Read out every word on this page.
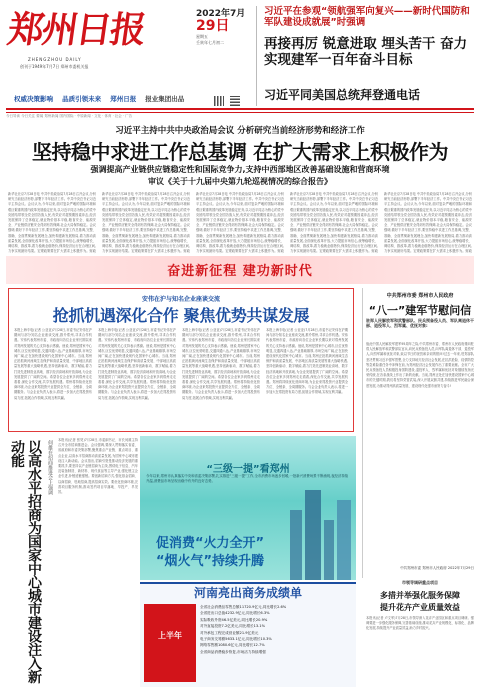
郑州日报
ZHENGZHOU DAILY
创刊于1949年7月7日 郑州市委机关报
2022年7月
29日
星期五
壬寅年七月初二
习近平在参观“领航强军向复兴——新时代国防和军队建设成就展”时强调
再接再厉 锐意进取 埋头苦干 奋力实现建军一百年奋斗目标
习近平同美国总统拜登通电话
权威决策影响 品质引领未来 郑州日报 报业集团出品
今日导读 今日关注 要闻 郑州新闻 国内国际 · 中原新闻 · 文化 · 体育 · 社会 · 广告
习近平主持中共中央政治局会议 分析研究当前经济形势和经济工作
坚持稳中求进工作总基调 在扩大需求上积极作为
强调提高产业链供应链稳定性和国际竞争力,支持中西部地区改善基础设施和营商环境
审议《关于十九届中央第九轮巡视情况的综合报告》
新华社北京7月28日电 中共中央政治局7月28日召开会议,分析研究当前经济形势,部署下半年经济工作。中共中央总书记习近平主持会议。会议认为,今年以来,面对复杂严峻的国际环境和艰巨繁重的国内改革发展稳定任务,以习近平同志为核心的党中央团结带领全党全国各族人民,有效应对超预期因素冲击,经济发展保持了总体稳定,就业物价基本平稳,粮食安全、能源安全、产业链供应链安全得到有效保障,社会大局保持稳定。会议强调,做好下半年经济工作,要坚持稳中求进工作总基调,完整、准确、全面贯彻新发展理念,加快构建新发展格局,着力推动高质量发展,全面深化改革开放,大力提振市场信心,统筹稳增长、调结构、推改革,着力稳就业稳物价,保持经济运行在合理区间,力争实现最好结果。宏观政策要在扩大需求上积极作为。财政
新华社北京7月28日电 中共中央政治局7月28日召开会议,分析研究当前经济形势,部署下半年经济工作。中共中央总书记习近平主持会议。会议认为,今年以来,面对复杂严峻的国际环境和艰巨繁重的国内改革发展稳定任务,以习近平同志为核心的党中央团结带领全党全国各族人民,有效应对超预期因素冲击,经济发展保持了总体稳定,就业物价基本平稳,粮食安全、能源安全、产业链供应链安全得到有效保障,社会大局保持稳定。会议强调,做好下半年经济工作,要坚持稳中求进工作总基调,完整、准确、全面贯彻新发展理念,加快构建新发展格局,着力推动高质量发展,全面深化改革开放,大力提振市场信心,统筹稳增长、调结构、推改革,着力稳就业稳物价,保持经济运行在合理区间,力争实现最好结果。宏观政策要在扩大需求上积极作为。财政
新华社北京7月28日电 中共中央政治局7月28日召开会议,分析研究当前经济形势,部署下半年经济工作。中共中央总书记习近平主持会议。会议认为,今年以来,面对复杂严峻的国际环境和艰巨繁重的国内改革发展稳定任务,以习近平同志为核心的党中央团结带领全党全国各族人民,有效应对超预期因素冲击,经济发展保持了总体稳定,就业物价基本平稳,粮食安全、能源安全、产业链供应链安全得到有效保障,社会大局保持稳定。会议强调,做好下半年经济工作,要坚持稳中求进工作总基调,完整、准确、全面贯彻新发展理念,加快构建新发展格局,着力推动高质量发展,全面深化改革开放,大力提振市场信心,统筹稳增长、调结构、推改革,着力稳就业稳物价,保持经济运行在合理区间,力争实现最好结果。宏观政策要在扩大需求上积极作为。财政
新华社北京7月28日电 中共中央政治局7月28日召开会议,分析研究当前经济形势,部署下半年经济工作。中共中央总书记习近平主持会议。会议认为,今年以来,面对复杂严峻的国际环境和艰巨繁重的国内改革发展稳定任务,以习近平同志为核心的党中央团结带领全党全国各族人民,有效应对超预期因素冲击,经济发展保持了总体稳定,就业物价基本平稳,粮食安全、能源安全、产业链供应链安全得到有效保障,社会大局保持稳定。会议强调,做好下半年经济工作,要坚持稳中求进工作总基调,完整、准确、全面贯彻新发展理念,加快构建新发展格局,着力推动高质量发展,全面深化改革开放,大力提振市场信心,统筹稳增长、调结构、推改革,着力稳就业稳物价,保持经济运行在合理区间,力争实现最好结果。宏观政策要在扩大需求上积极作为。财政
新华社北京7月28日电 中共中央政治局7月28日召开会议,分析研究当前经济形势,部署下半年经济工作。中共中央总书记习近平主持会议。会议认为,今年以来,面对复杂严峻的国际环境和艰巨繁重的国内改革发展稳定任务,以习近平同志为核心的党中央团结带领全党全国各族人民,有效应对超预期因素冲击,经济发展保持了总体稳定,就业物价基本平稳,粮食安全、能源安全、产业链供应链安全得到有效保障,社会大局保持稳定。会议强调,做好下半年经济工作,要坚持稳中求进工作总基调,完整、准确、全面贯彻新发展理念,加快构建新发展格局,着力推动高质量发展,全面深化改革开放,大力提振市场信心,统筹稳增长、调结构、推改革,着力稳就业稳物价,保持经济运行在合理区间,力争实现最好结果。宏观政策要在扩大需求上积极作为。财政
奋进新征程 建功新时代
安伟在沪与知名企业座谈交流
抢抓机遇深化合作 聚焦优势共谋发展
本报上海专电(记者 公亚亚)7月28日,市委书记安伟在沪期间与部分知名企业座谈交流,推介郑州,寻求合作机遇。安伟代表郑州市委、市政府向各位企业家长期以来对郑州发展的关心支持表示感谢。他说,郑州是国家中心城市,区位优势明显,交通四通八达,产业基础雄厚,市场空间广阔,正在加快建设现代化国家中心城市。当前,郑州正抢抓黄河流域生态保护和高质量发展、中部地区高质量发展等重大战略机遇,坚持创新驱动、数字赋能,着力打造先进制造业高地、数字经济高地和开放高地,为企业发展提供了广阔的空间。希望各位企业家多到郑州走走看看,深化合作交流,共享发展机遇。郑州将持续优化营商环境,为企业来郑投资兴业提供全方位、全链条、全周期服务。与会企业负责人表示,将进一步加大在郑投资布局力度,拓展合作领域,实现互利共赢。
本报上海专电(记者 公亚亚)7月28日,市委书记安伟在沪期间与部分知名企业座谈交流,推介郑州,寻求合作机遇。安伟代表郑州市委、市政府向各位企业家长期以来对郑州发展的关心支持表示感谢。他说,郑州是国家中心城市,区位优势明显,交通四通八达,产业基础雄厚,市场空间广阔,正在加快建设现代化国家中心城市。当前,郑州正抢抓黄河流域生态保护和高质量发展、中部地区高质量发展等重大战略机遇,坚持创新驱动、数字赋能,着力打造先进制造业高地、数字经济高地和开放高地,为企业发展提供了广阔的空间。希望各位企业家多到郑州走走看看,深化合作交流,共享发展机遇。郑州将持续优化营商环境,为企业来郑投资兴业提供全方位、全链条、全周期服务。与会企业负责人表示,将进一步加大在郑投资布局力度,拓展合作领域,实现互利共赢。
本报上海专电(记者 公亚亚)7月28日,市委书记安伟在沪期间与部分知名企业座谈交流,推介郑州,寻求合作机遇。安伟代表郑州市委、市政府向各位企业家长期以来对郑州发展的关心支持表示感谢。他说,郑州是国家中心城市,区位优势明显,交通四通八达,产业基础雄厚,市场空间广阔,正在加快建设现代化国家中心城市。当前,郑州正抢抓黄河流域生态保护和高质量发展、中部地区高质量发展等重大战略机遇,坚持创新驱动、数字赋能,着力打造先进制造业高地、数字经济高地和开放高地,为企业发展提供了广阔的空间。希望各位企业家多到郑州走走看看,深化合作交流,共享发展机遇。郑州将持续优化营商环境,为企业来郑投资兴业提供全方位、全链条、全周期服务。与会企业负责人表示,将进一步加大在郑投资布局力度,拓展合作领域,实现互利共赢。
本报上海专电(记者 公亚亚)7月28日,市委书记安伟在沪期间与部分知名企业座谈交流,推介郑州,寻求合作机遇。安伟代表郑州市委、市政府向各位企业家长期以来对郑州发展的关心支持表示感谢。他说,郑州是国家中心城市,区位优势明显,交通四通八达,产业基础雄厚,市场空间广阔,正在加快建设现代化国家中心城市。当前,郑州正抢抓黄河流域生态保护和高质量发展、中部地区高质量发展等重大战略机遇,坚持创新驱动、数字赋能,着力打造先进制造业高地、数字经济高地和开放高地,为企业发展提供了广阔的空间。希望各位企业家多到郑州走走看看,深化合作交流,共享发展机遇。郑州将持续优化营商环境,为企业来郑投资兴业提供全方位、全链条、全周期服务。与会企业负责人表示,将进一步加大在郑投资布局力度,拓展合作领域,实现互利共赢。
中共郑州市委 郑州市人民政府
“八一”建军节慰问信
驻郑人民解放军和武警部队、民兵预备役人员、军队离退休干部、退役军人、烈军属、优抚对象:
值此中国人民解放军建军95周年之际,中共郑州市委、郑州市人民政府谨向驻郑人民解放军和武警部队官兵,向民兵预备役人员,向军队离退休干部、退役军人,向烈军属和优抚对象,致以节日的祝贺和亲切的慰问!过去一年来,驻郑部队坚决贯彻习近平强军思想,全力支持地方经济社会发展,在抗洪抢险、疫情防控等急难险重任务中冲锋在前,为郑州经济社会发展作出了重要贡献。全市广大民兵预备役人员积极投身国防建设,退役军人、烈军属和优抚对象继续发扬光荣传统,在各条战线上作出了新的贡献。当前,郑州正处在加快建设国家中心城市的关键时期,我们将坚持党管武装,深入开展双拥共建,持续推进军民融合深度发展,为推动郑州高质量发展、建设现代化强市而努力奋斗!
中共郑州市委 郑州市人民政府 2022年7月29日
以高水平招商为国家中心城市建设注入新动能	何雄在招商推进会上强调	本报讯(记者 张昊)7月28日,市委副书记、市长何雄主持召开全市招商推进会。会议强调,要深入贯彻落实省委、省政府和市委决策部署,聚焦重点产业链、重点项目、重点企业,以高水平招商推动高质量发展,为国家中心城市建设注入新动能。会议指出,招商引资是推动经济发展的重要抓手,要坚持以产业链招商为主线,围绕电子信息、汽车及装备制造、新材料、现代食品等主导产业,强化链主企业引进,补链延链强链。要创新招商方式,强化基金招商、以商招商、驻地招商,提高招商实效。要优化营商环境,完善项目服务机制,推动签约项目早落地、早投产、早见效。
“三级一提”看郑州
今年以来,郑州市认真落实中央和省委决策部署,扎实推进“三级一提”工作,全市消费市场逐步回暖,一批新兴消费场景不断涌现,夜经济持续升温,消费品市场呈现出稳中有升的良好态势。
促消费“火力全开”
“烟火气”持续升腾
河南亮出商务成绩单
上半年
全省社会消费品零售总额11720.9亿元,同比增长2.6%
全省进出口总值4232.9亿元,同比增长6.3%
实际吸收外资46.5亿美元,同比增长20.9%
对外直接投资7.2亿美元,同比增长13.1%
对外承包工程完成营业额21.9亿美元
电子商务交易额5633.1亿元,同比增长10.3%
网络零售额1080.6亿元,同比增长12.7%
全省商品消费稳步恢复,市场活力持续增强
市领导调研重点项目
多措并举强化服务保障
提升花卉产业质量效益
本报讯(记者 卢文军)7月28日,市领导深入花卉产业园区和重点项目调研。强调要进一步强化服务保障,完善基础设施,推动花卉产业规模化、标准化、品牌化发展,持续提升产业质量效益,助力乡村振兴。
